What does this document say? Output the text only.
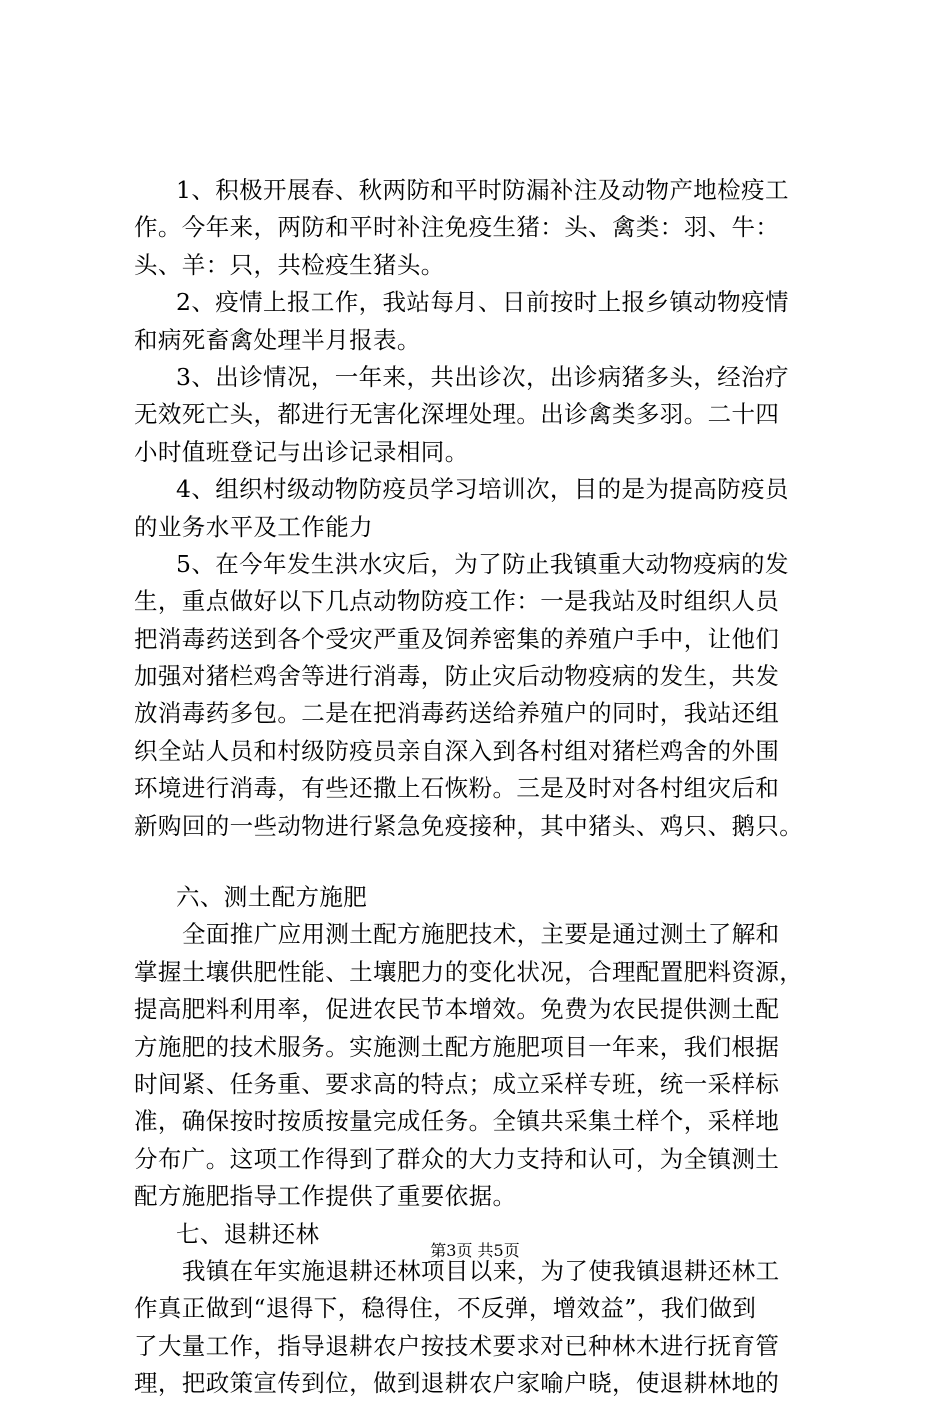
1、积极开展春、秋两防和平时防漏补注及动物产地检疫工
作。今年来，两防和平时补注免疫生猪：头、禽类：羽、牛：
头、羊：只，共检疫生猪头。
2、疫情上报工作，我站每月、日前按时上报乡镇动物疫情
和病死畜禽处理半月报表。
3、出诊情况，一年来，共出诊次，出诊病猪多头，经治疗
无效死亡头，都进行无害化深埋处理。出诊禽类多羽。二十四
小时值班登记与出诊记录相同。
4、组织村级动物防疫员学习培训次，目的是为提高防疫员
的业务水平及工作能力
5、在今年发生洪水灾后，为了防止我镇重大动物疫病的发
生，重点做好以下几点动物防疫工作：一是我站及时组织人员
把消毒药送到各个受灾严重及饲养密集的养殖户手中，让他们
加强对猪栏鸡舍等进行消毒，防止灾后动物疫病的发生，共发
放消毒药多包。二是在把消毒药送给养殖户的同时，我站还组
织全站人员和村级防疫员亲自深入到各村组对猪栏鸡舍的外围
环境进行消毒，有些还撒上石恢粉。三是及时对各村组灾后和
新购回的一些动物进行紧急免疫接种，其中猪头、鸡只、鹅只。
六、测土配方施肥
全面推广应用测土配方施肥技术，主要是通过测土了解和
掌握土壤供肥性能、土壤肥力的变化状况，合理配置肥料资源，
提高肥料利用率，促进农民节本增效。免费为农民提供测土配
方施肥的技术服务。实施测土配方施肥项目一年来，我们根据
时间紧、任务重、要求高的特点；成立采样专班，统一采样标
准，确保按时按质按量完成任务。全镇共采集土样个，采样地
分布广。这项工作得到了群众的大力支持和认可，为全镇测土
配方施肥指导工作提供了重要依据。
七、退耕还林
我镇在年实施退耕还林项目以来，为了使我镇退耕还林工
作真正做到“退得下，稳得住，不反弹，增效益”，我们做到
了大量工作，指导退耕农户按技术要求对已种林木进行抚育管
理，把政策宣传到位，做到退耕农户家喻户晓，使退耕林地的
第3页 共5页
